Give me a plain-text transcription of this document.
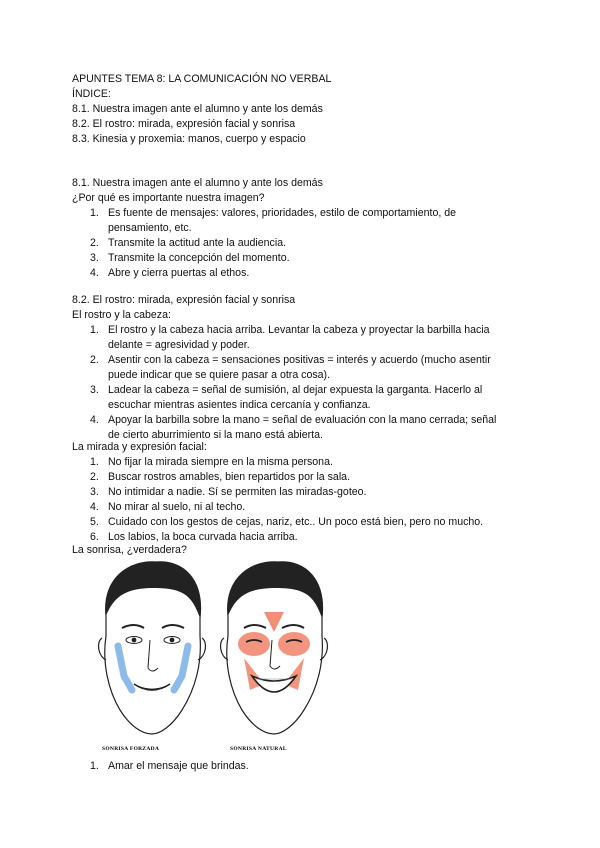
APUNTES TEMA 8: LA COMUNICACIÓN NO VERBAL
ÍNDICE:
8.1. Nuestra imagen ante el alumno y ante los demás
8.2. El rostro: mirada, expresión facial y sonrisa
8.3. Kinesia y proxemia: manos, cuerpo y espacio
8.1. Nuestra imagen ante el alumno y ante los demás
¿Por qué es importante nuestra imagen?
1. Es fuente de mensajes: valores, prioridades, estilo de comportamiento, de
pensamiento, etc.
2. Transmite la actitud ante la audiencia.
3. Transmite la concepción del momento.
4. Abre y cierra puertas al ethos.
8.2. El rostro: mirada, expresión facial y sonrisa
El rostro y la cabeza:
1. El rostro y la cabeza hacia arriba. Levantar la cabeza y proyectar la barbilla hacia
delante = agresividad y poder.
2. Asentir con la cabeza = sensaciones positivas = interés y acuerdo (mucho asentir
puede indicar que se quiere pasar a otra cosa).
3. Ladear la cabeza = señal de sumisión, al dejar expuesta la garganta. Hacerlo al
escuchar mientras asientes indica cercanía y confianza.
4. Apoyar la barbilla sobre la mano = señal de evaluación con la mano cerrada; señal
de cierto aburrimiento si la mano está abierta.
La mirada y expresión facial:
1. No fijar la mirada siempre en la misma persona.
2. Buscar rostros amables, bien repartidos por la sala.
3. No intimidar a nadie. Sí se permiten las miradas-goteo.
4. No mirar al suelo, ni al techo.
5. Cuidado con los gestos de cejas, nariz, etc.. Un poco está bien, pero no mucho.
6. Los labios, la boca curvada hacia arriba.
La sonrisa, ¿verdadera?
SONRISA FORZADA	SONRISA NATURAL
1. Amar el mensaje que brindas.
